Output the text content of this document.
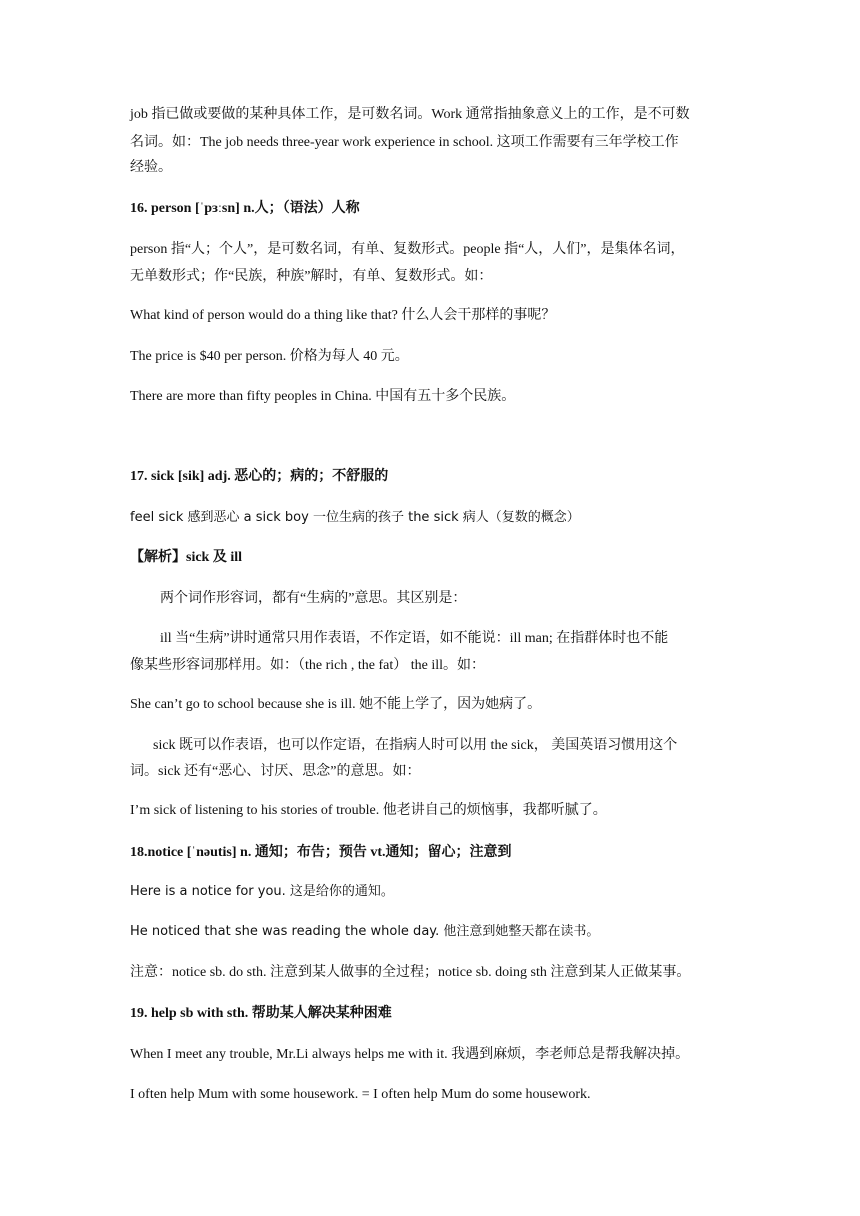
job 指已做或要做的某种具体工作，是可数名词。Work 通常指抽象意义上的工作，是不可数
名词。如：The job needs three-year work experience in school. 这项工作需要有三年学校工作
经验。
16. person [ˈpɜːsn] n.人；（语法）人称
person 指“人；个人”，是可数名词，有单、复数形式。people 指“人，人们”，是集体名词，
无单数形式；作“民族，种族”解时，有单、复数形式。如：
What kind of person would do a thing like that? 什么人会干那样的事呢？
The price is $40 per person. 价格为每人 40 元。
There are more than fifty peoples in China. 中国有五十多个民族。
17. sick [sik] adj. 恶心的；病的；不舒服的
feel sick 感到恶心 a sick boy 一位生病的孩子 the sick 病人（复数的概念）
【解析】sick 及 ill
两个词作形容词，都有“生病的”意思。其区别是：
ill 当“生病”讲时通常只用作表语，不作定语，如不能说：ill man; 在指群体时也不能
像某些形容词那样用。如：（the rich , the fat） the ill。如：
She can’t go to school because she is ill. 她不能上学了，因为她病了。
sick 既可以作表语，也可以作定语，在指病人时可以用 the sick， 美国英语习惯用这个
词。sick 还有“恶心、讨厌、思念”的意思。如：
I’m sick of listening to his stories of trouble. 他老讲自己的烦恼事，我都听腻了。
18.notice [ˈnəutis] n. 通知；布告；预告 vt.通知；留心；注意到
Here is a notice for you. 这是给你的通知。
He noticed that she was reading the whole day. 他注意到她整天都在读书。
注意：notice sb. do sth. 注意到某人做事的全过程；notice sb. doing sth 注意到某人正做某事。
19. help sb with sth. 帮助某人解决某种困难
When I meet any trouble, Mr.Li always helps me with it. 我遇到麻烦，李老师总是帮我解决掉。
I often help Mum with some housework. = I often help Mum do some housework.
